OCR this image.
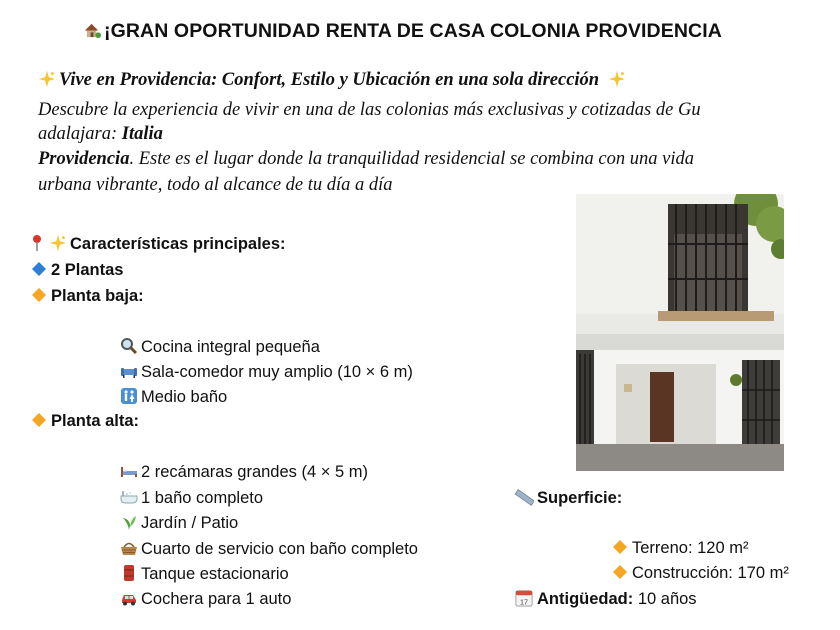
¡GRAN OPORTUNIDAD RENTA DE CASA COLONIA PROVIDENCIA
Vive en Providencia: Confort, Estilo y Ubicación en una sola dirección
Descubre la experiencia de vivir en una de las colonias más exclusivas y cotizadas de Gu
adalajara: Italia
Providencia. Este es el lugar donde la tranquilidad residencial se combina con una vida
urbana vibrante, todo al alcance de tu día a día
Características principales:
2 Plantas
Planta baja:
Cocina integral pequeña
Sala-comedor muy amplio (10 × 6 m)
Medio baño
Planta alta:
2 recámaras grandes (4 × 5 m)
1 baño completo
Jardín / Patio
Cuarto de servicio con baño completo
Tanque estacionario
Cochera para 1 auto
Superficie:
Terreno: 120 m²
Construcción: 170 m²
17 Antigüedad: 10 años
